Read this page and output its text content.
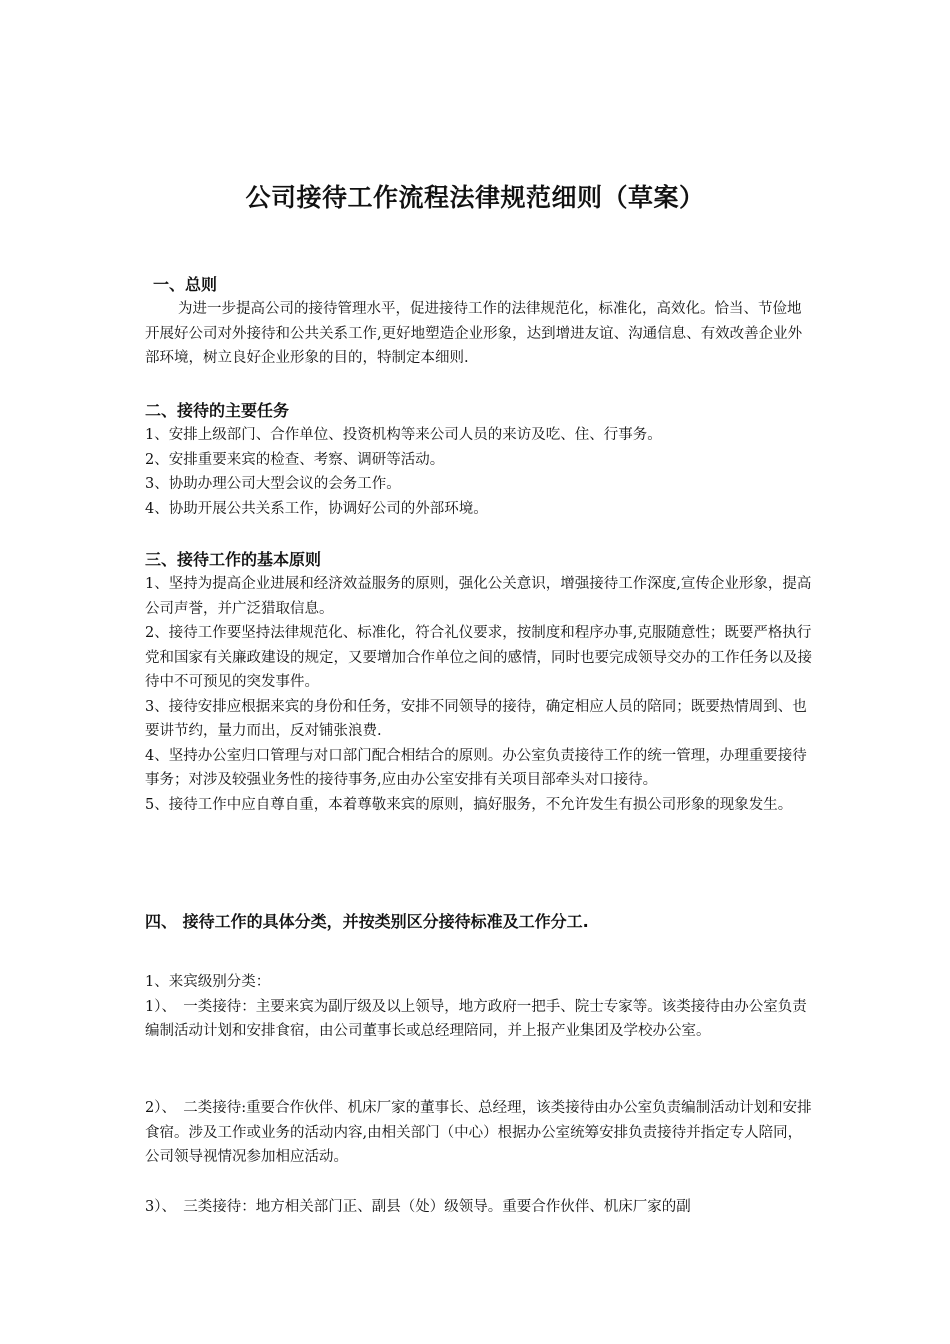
公司接待工作流程法律规范细则（草案）

一、总则

为进一步提高公司的接待管理水平，促进接待工作的法律规范化，标准化，高效化。恰当、节俭地开展好公司对外接待和公共关系工作,更好地塑造企业形象，达到增进友谊、沟通信息、有效改善企业外部环境，树立良好企业形象的目的，特制定本细则.

二、接待的主要任务

1、安排上级部门、合作单位、投资机构等来公司人员的来访及吃、住、行事务。

2、安排重要来宾的检查、考察、调研等活动。

3、协助办理公司大型会议的会务工作。

4、协助开展公共关系工作，协调好公司的外部环境。

三、接待工作的基本原则

1、坚持为提高企业进展和经济效益服务的原则，强化公关意识，增强接待工作深度,宣传企业形象，提高公司声誉，并广泛猎取信息。

2、接待工作要坚持法律规范化、标准化，符合礼仪要求，按制度和程序办事,克服随意性；既要严格执行党和国家有关廉政建设的规定，又要增加合作单位之间的感情，同时也要完成领导交办的工作任务以及接待中不可预见的突发事件。

3、接待安排应根据来宾的身份和任务，安排不同领导的接待，确定相应人员的陪同；既要热情周到、也要讲节约，量力而出，反对铺张浪费.

4、坚持办公室归口管理与对口部门配合相结合的原则。办公室负责接待工作的统一管理，办理重要接待事务；对涉及较强业务性的接待事务,应由办公室安排有关项目部牵头对口接待。

5、接待工作中应自尊自重，本着尊敬来宾的原则，搞好服务，不允许发生有损公司形象的现象发生。

四、 接待工作的具体分类，并按类别区分接待标准及工作分工.

1、来宾级别分类：

1）、　一类接待：主要来宾为副厅级及以上领导，地方政府一把手、院士专家等。该类接待由办公室负责编制活动计划和安排食宿，由公司董事长或总经理陪同，并上报产业集团及学校办公室。

2）、　二类接待:重要合作伙伴、机床厂家的董事长、总经理，该类接待由办公室负责编制活动计划和安排食宿。涉及工作或业务的活动内容,由相关部门（中心）根据办公室统筹安排负责接待并指定专人陪同，公司领导视情况参加相应活动。

3）、　三类接待：地方相关部门正、副县（处）级领导。重要合作伙伴、机床厂家的副
